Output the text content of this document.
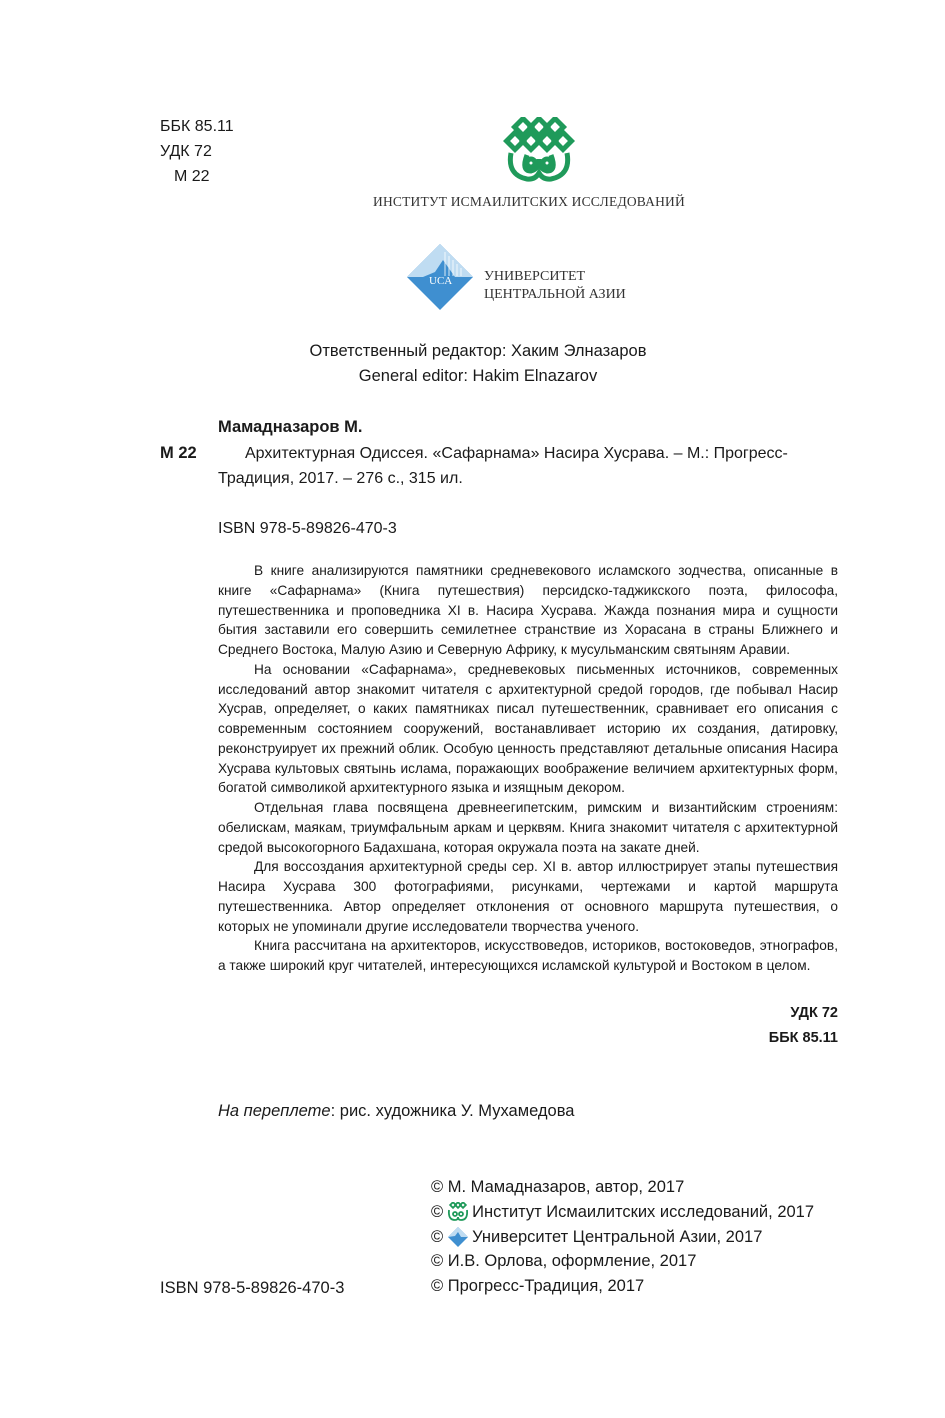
ББК 85.11
УДК 72
М 22
ИНСТИТУТ ИСМАИЛИТСКИХ ИССЛЕДОВАНИЙ
UCA УНИВЕРСИТЕТ
ЦЕНТРАЛЬНОЙ АЗИИ
Ответственный редактор: Хаким Элназаров
General editor: Hakim Elnazarov
Мамадназаров М.
М 22	Архитектурная Одиссея. «Сафарнама» Насира Хусрава. – М.: Прогресс-
Традиция, 2017. – 276 с., 315 ил.
ISBN 978-5-89826-470-3

В книге анализируются памятники средневекового исламского зодчества, описанные в книге «Сафарнама» (Книга путешествия) персидско-таджикского поэта, философа, путешественника и проповедника XI в. Насира Хусрава. Жажда познания мира и сущности бытия заставили его совершить семилетнее странствие из Хорасана в страны Ближнего и Среднего Востока, Малую Азию и Северную Африку, к мусульманским святыням Аравии.

На основании «Сафарнама», средневековых письменных источников, современных исследований автор знакомит читателя с архитектурной средой городов, где побывал Насир Хусрав, определяет, о каких памятниках писал путешественник, сравнивает его описания с современным состоянием сооружений, востанавливает историю их создания, датировку, реконструирует их прежний облик. Особую ценность представляют детальные описания Насира Хусрава культовых святынь ислама, поражающих воображение величием архитектурных форм, богатой символикой архитектурного языка и изящным декором.

Отдельная глава посвящена древнеегипетским, римским и византийским строениям: обелискам, маякам, триумфальным аркам и церквям. Книга знакомит читателя с архитектурной средой высокогорного Бадахшана, которая окружала поэта на закате дней.

Для воссоздания архитектурной среды сер. XI в. автор иллюстрирует этапы путешествия Насира Хусрава 300 фотографиями, рисунками, чертежами и картой маршрута путешественника. Автор определяет отклонения от основного маршрута путешествия, о которых не упоминали другие исследователи творчества ученого.

Книга рассчитана на архитекторов, искусствоведов, историков, востоковедов, этнографов, а также широкий круг читателей, интересующихся исламской культурой и Востоком в целом.

УДК 72
ББК 85.11
На переплете: рис. художника У. Мухамедова
ISBN 978-5-89826-470-3
©
М. Мамадназаров, автор, 2017
© Институт Исмаилитских исследований, 2017
© Университет Центральной Азии, 2017
©
И.В. Орлова, оформление, 2017
©
Прогресс-Традиция, 2017
